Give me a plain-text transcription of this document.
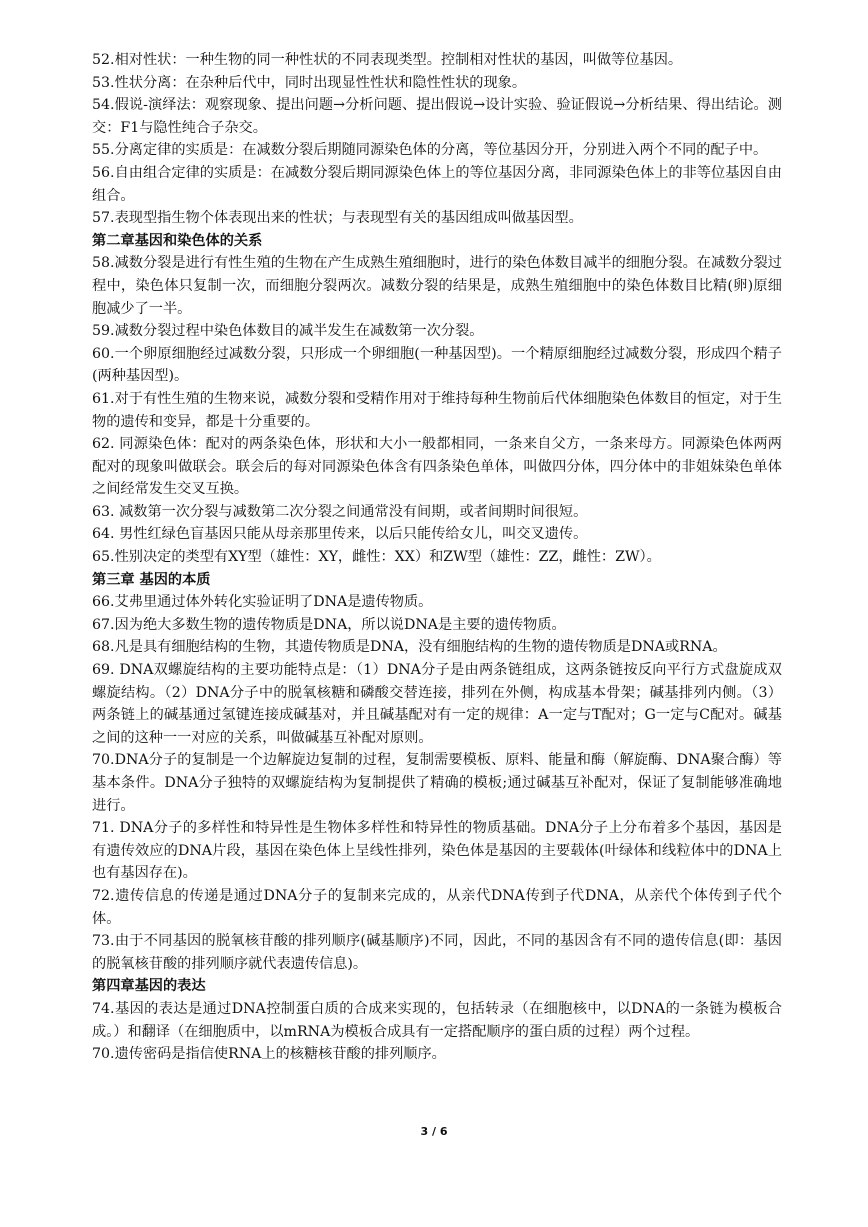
52.相对性状：一种生物的同一种性状的不同表现类型。控制相对性状的基因，叫做等位基因。

53.性状分离：在杂种后代中，同时出现显性性状和隐性性状的现象。

54.假说-演绎法：观察现象、提出问题→分析问题、提出假说→设计实验、验证假说→分析结果、得出结论。测交：F1与隐性纯合子杂交。

55.分离定律的实质是：在减数分裂后期随同源染色体的分离，等位基因分开，分别进入两个不同的配子中。

56.自由组合定律的实质是：在减数分裂后期同源染色体上的等位基因分离，非同源染色体上的非等位基因自由组合。

57.表现型指生物个体表现出来的性状；与表现型有关的基因组成叫做基因型。

第二章基因和染色体的关系

58.减数分裂是进行有性生殖的生物在产生成熟生殖细胞时，进行的染色体数目减半的细胞分裂。在减数分裂过程中，染色体只复制一次，而细胞分裂两次。减数分裂的结果是，成熟生殖细胞中的染色体数目比精(卵)原细胞减少了一半。

59.减数分裂过程中染色体数目的减半发生在减数第一次分裂。

60.一个卵原细胞经过减数分裂，只形成一个卵细胞(一种基因型)。一个精原细胞经过减数分裂，形成四个精子(两种基因型)。

61.对于有性生殖的生物来说，减数分裂和受精作用对于维持每种生物前后代体细胞染色体数目的恒定，对于生物的遗传和变异，都是十分重要的。

62. 同源染色体：配对的两条染色体，形状和大小一般都相同，一条来自父方，一条来母方。同源染色体两两配对的现象叫做联会。联会后的每对同源染色体含有四条染色单体，叫做四分体，四分体中的非姐妹染色单体之间经常发生交叉互换。

63. 减数第一次分裂与减数第二次分裂之间通常没有间期，或者间期时间很短。

64. 男性红绿色盲基因只能从母亲那里传来，以后只能传给女儿，叫交叉遗传。

65.性别决定的类型有XY型（雄性：XY，雌性：XX）和ZW型（雄性：ZZ，雌性：ZW）。

第三章 基因的本质

66.艾弗里通过体外转化实验证明了DNA是遗传物质。

67.因为绝大多数生物的遗传物质是DNA，所以说DNA是主要的遗传物质。

68.凡是具有细胞结构的生物，其遗传物质是DNA，没有细胞结构的生物的遗传物质是DNA或RNA。

69. DNA双螺旋结构的主要功能特点是：（1）DNA分子是由两条链组成，这两条链按反向平行方式盘旋成双螺旋结构。（2）DNA分子中的脱氧核糖和磷酸交替连接，排列在外侧，构成基本骨架；碱基排列内侧。（3）两条链上的碱基通过氢键连接成碱基对，并且碱基配对有一定的规律：A一定与T配对；G一定与C配对。碱基之间的这种一一对应的关系，叫做碱基互补配对原则。

70.DNA分子的复制是一个边解旋边复制的过程，复制需要模板、原料、能量和酶（解旋酶、DNA聚合酶）等基本条件。DNA分子独特的双螺旋结构为复制提供了精确的模板;通过碱基互补配对，保证了复制能够准确地进行。

71. DNA分子的多样性和特异性是生物体多样性和特异性的物质基础。DNA分子上分布着多个基因，基因是有遗传效应的DNA片段，基因在染色体上呈线性排列，染色体是基因的主要载体(叶绿体和线粒体中的DNA上也有基因存在)。

72.遗传信息的传递是通过DNA分子的复制来完成的，从亲代DNA传到子代DNA，从亲代个体传到子代个体。

73.由于不同基因的脱氧核苷酸的排列顺序(碱基顺序)不同，因此，不同的基因含有不同的遗传信息(即：基因的脱氧核苷酸的排列顺序就代表遗传信息)。

第四章基因的表达

74.基因的表达是通过DNA控制蛋白质的合成来实现的，包括转录（在细胞核中，以DNA的一条链为模板合成。）和翻译（在细胞质中，以mRNA为模板合成具有一定搭配顺序的蛋白质的过程）两个过程。

70.遗传密码是指信使RNA上的核糖核苷酸的排列顺序。

3 / 6
